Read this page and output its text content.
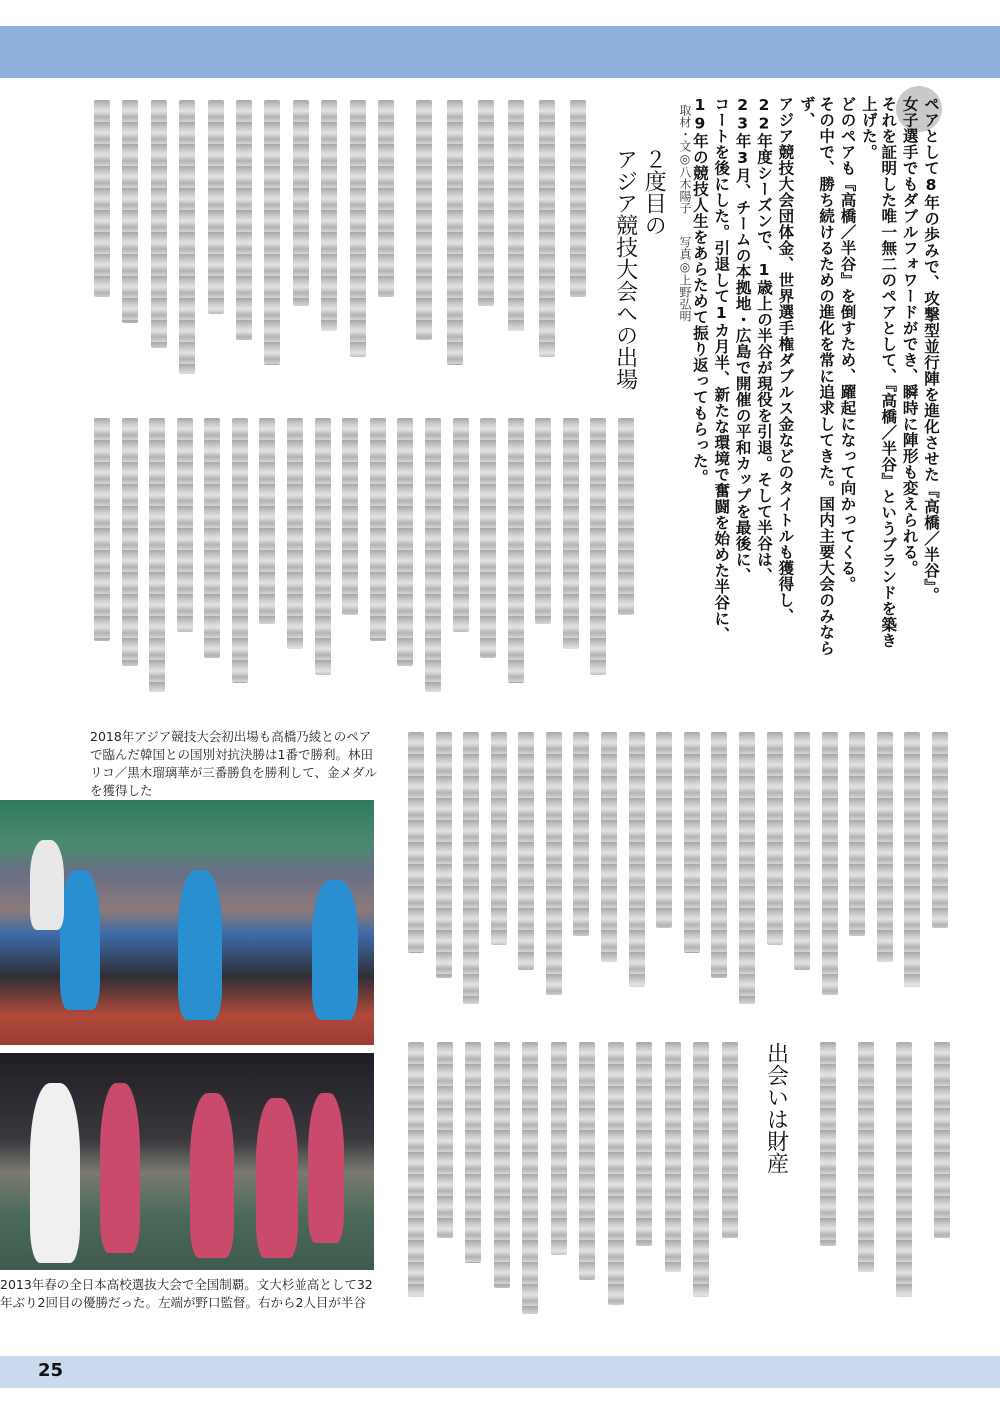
ペアとして8年の歩みで、攻撃型並行陣を進化させた『高橋／半谷』。

女子選手でもダブルフォワードができ、瞬時に陣形も変えられる。

それを証明した唯一無二のペアとして、『高橋／半谷』というブランドを築き上げた。

どのペアも『高橋／半谷』を倒すため、躍起になって向かってくる。

その中で、勝ち続けるための進化を常に追求してきた。国内主要大会のみならず、

アジア競技大会団体金、世界選手権ダブルス金などのタイトルも獲得し、

22年度シーズンで、1歳上の半谷が現役を引退。そして半谷は、

23年3月、チームの本拠地・広島で開催の平和カップを最後に、

コートを後にした。引退して1カ月半、新たな環境で奮闘を始めた半谷に、

19年の競技人生をあらためて振り返ってもらった。

取材・文◎八木陽子 写真◎上野弘明
２度目の
アジア競技大会への出場
出会いは財産
2018年アジア競技大会初出場も高橋乃綾とのペアで臨んだ韓国との国別対抗決勝は1番で勝利。林田リコ／黒木瑠璃華が三番勝負を勝利して、金メダルを獲得した
2013年春の全日本高校選抜大会で全国制覇。文大杉並高として32年ぶり2回目の優勝だった。左端が野口監督。右から2人目が半谷
25
